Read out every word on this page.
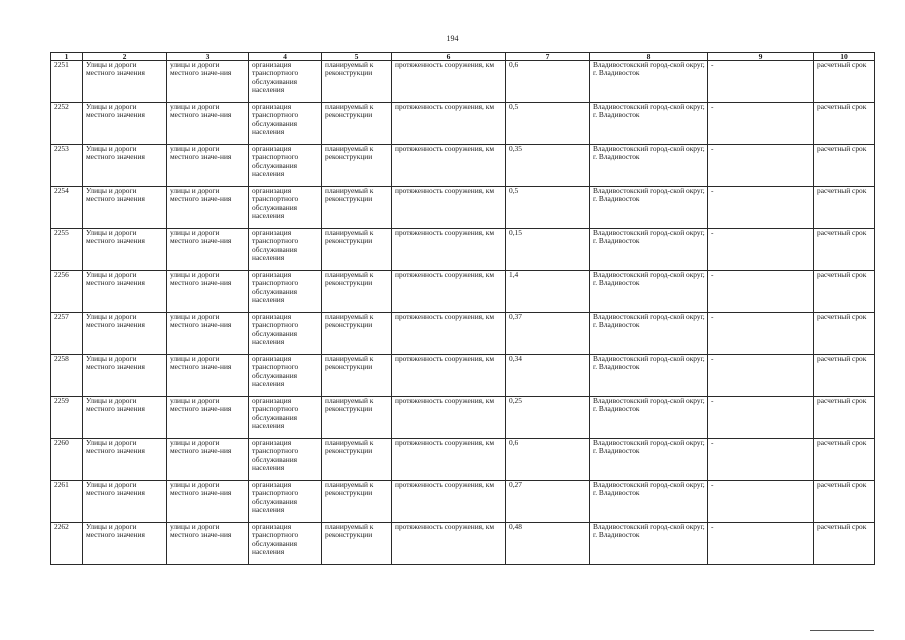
194
1	2	3	4	5	6	7	8	9	10
2251	Улицы и дороги местного значения	улицы и дороги местного значе-ния	организация транспортного обслуживания населения	планируемый к реконструкции	протяженность сооружения, км	0,6	Владивостокский город-ской округ, г. Владивосток	-	расчетный срок
2252	Улицы и дороги местного значения	улицы и дороги местного значе-ния	организация транспортного обслуживания населения	планируемый к реконструкции	протяженность сооружения, км	0,5	Владивостокский город-ской округ, г. Владивосток	-	расчетный срок
2253	Улицы и дороги местного значения	улицы и дороги местного значе-ния	организация транспортного обслуживания населения	планируемый к реконструкции	протяженность сооружения, км	0,35	Владивостокский город-ской округ, г. Владивосток	-	расчетный срок
2254	Улицы и дороги местного значения	улицы и дороги местного значе-ния	организация транспортного обслуживания населения	планируемый к реконструкции	протяженность сооружения, км	0,5	Владивостокский город-ской округ, г. Владивосток	-	расчетный срок
2255	Улицы и дороги местного значения	улицы и дороги местного значе-ния	организация транспортного обслуживания населения	планируемый к реконструкции	протяженность сооружения, км	0,15	Владивостокский город-ской округ, г. Владивосток	-	расчетный срок
2256	Улицы и дороги местного значения	улицы и дороги местного значе-ния	организация транспортного обслуживания населения	планируемый к реконструкции	протяженность сооружения, км	1,4	Владивостокский город-ской округ, г. Владивосток	-	расчетный срок
2257	Улицы и дороги местного значения	улицы и дороги местного значе-ния	организация транспортного обслуживания населения	планируемый к реконструкции	протяженность сооружения, км	0,37	Владивостокский город-ской округ, г. Владивосток	-	расчетный срок
2258	Улицы и дороги местного значения	улицы и дороги местного значе-ния	организация транспортного обслуживания населения	планируемый к реконструкции	протяженность сооружения, км	0,34	Владивостокский город-ской округ, г. Владивосток	-	расчетный срок
2259	Улицы и дороги местного значения	улицы и дороги местного значе-ния	организация транспортного обслуживания населения	планируемый к реконструкции	протяженность сооружения, км	0,25	Владивостокский город-ской округ, г. Владивосток	-	расчетный срок
2260	Улицы и дороги местного значения	улицы и дороги местного значе-ния	организация транспортного обслуживания населения	планируемый к реконструкции	протяженность сооружения, км	0,6	Владивостокский город-ской округ, г. Владивосток	-	расчетный срок
2261	Улицы и дороги местного значения	улицы и дороги местного значе-ния	организация транспортного обслуживания населения	планируемый к реконструкции	протяженность сооружения, км	0,27	Владивостокский город-ской округ, г. Владивосток	-	расчетный срок
2262	Улицы и дороги местного значения	улицы и дороги местного значе-ния	организация транспортного обслуживания населения	планируемый к реконструкции	протяженность сооружения, км	0,48	Владивостокский город-ской округ, г. Владивосток	-	расчетный срок
